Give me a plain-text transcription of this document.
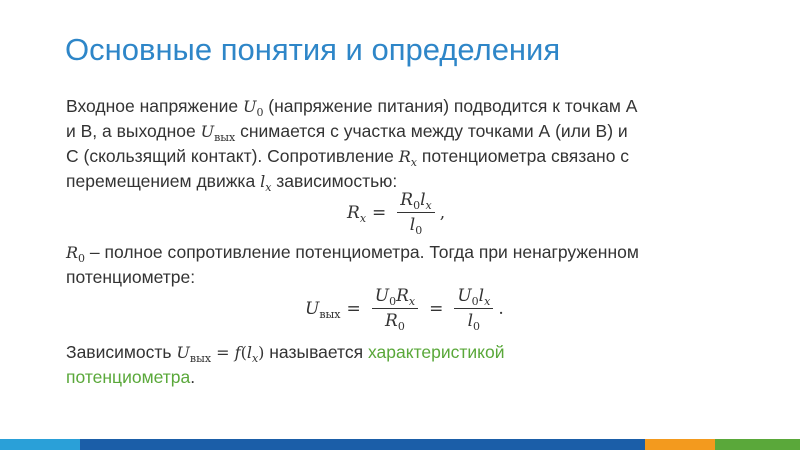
Основные понятия и определения
Входное напряжение $U_0$ (напряжение питания) подводится к точкам А
и В, а выходное $U_{вых}$ снимается с участка между точками А (или В) и
С (скользящий контакт). Сопротивление $R_x$ потенциометра связано с
перемещением движка $l_x$ зависимостью:
$R_x = \frac{R_0l_x}{l_0}$ ,
$R_0$ – полное сопротивление потенциометра. Тогда при ненагруженном
потенциометре:
$U_{вых} = \frac{U_0R_x}{R_0} = \frac{U_0l_x}{l_0}$ .
Зависимость $U_{вых} = f(l_x)$ называется характеристикой
потенциометра.
